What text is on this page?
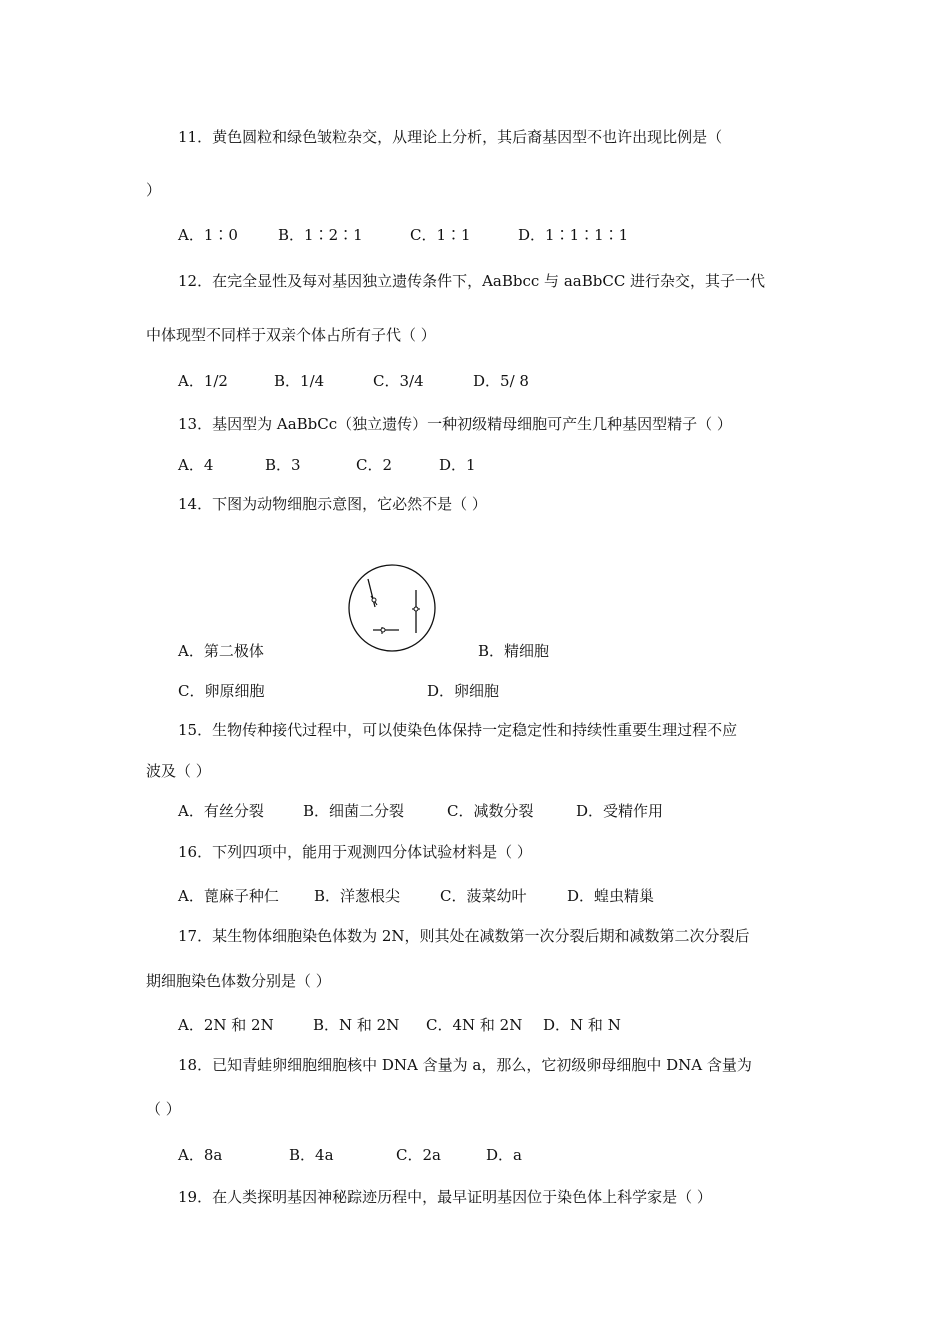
11．黄色圆粒和绿色皱粒杂交，从理论上分析，其后裔基因型不也许出现比例是（
）
A．1∶0	B．1∶2∶1	C．1∶1	D．1∶1∶1∶1
12．在完全显性及每对基因独立遗传条件下，AaBbcc 与 aaBbCC 进行杂交，其子一代
中体现型不同样于双亲个体占所有子代（ ）
A．1/2	B．1/4	C．3/4	D．5/ 8
13．基因型为 AaBbCc（独立遗传）一种初级精母细胞可产生几种基因型精子（ ）
A．4	B．3	C．2	D．1
14．下图为动物细胞示意图，它必然不是（ ）
A．第二极体	B．精细胞
C．卵原细胞	D．卵细胞
15．生物传种接代过程中，可以使染色体保持一定稳定性和持续性重要生理过程不应
波及（ ）
A．有丝分裂	B．细菌二分裂	C．减数分裂	D．受精作用
16．下列四项中，能用于观测四分体试验材料是（ ）
A．蓖麻子种仁 B．洋葱根尖	C．菠菜幼叶	D．蝗虫精巢
17．某生物体细胞染色体数为 2N，则其处在减数第一次分裂后期和减数第二次分裂后
期细胞染色体数分别是（ ）
A．2N 和 2N	B．N 和 2N C．4N 和 2N D．N 和 N
18．已知青蛙卵细胞细胞核中 DNA 含量为 a，那么，它初级卵母细胞中 DNA 含量为
（ ）
A．8a	B．4a	C．2a	D．a
19．在人类探明基因神秘踪迹历程中，最早证明基因位于染色体上科学家是（ ）
